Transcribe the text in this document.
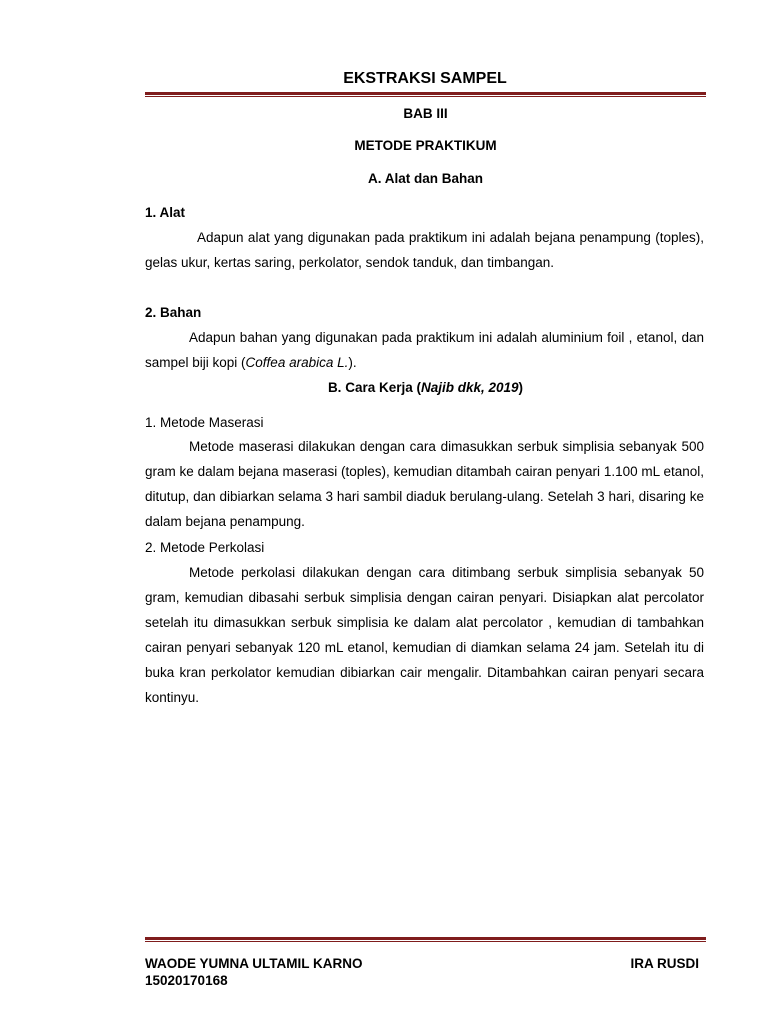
EKSTRAKSI SAMPEL
BAB III
METODE PRAKTIKUM
A. Alat dan Bahan
1. Alat
Adapun alat yang digunakan pada praktikum ini adalah bejana penampung (toples), gelas ukur, kertas saring, perkolator, sendok tanduk, dan timbangan.
2. Bahan
Adapun bahan yang digunakan pada praktikum ini adalah aluminium foil , etanol, dan sampel biji kopi (Coffea arabica L.).
B. Cara Kerja (Najib dkk, 2019)
1. Metode Maserasi
Metode maserasi dilakukan dengan cara dimasukkan serbuk simplisia sebanyak 500 gram ke dalam bejana maserasi (toples), kemudian ditambah cairan penyari 1.100 mL etanol, ditutup, dan dibiarkan selama 3 hari sambil diaduk berulang-ulang. Setelah 3 hari, disaring ke dalam bejana penampung.
2. Metode Perkolasi
Metode perkolasi dilakukan dengan cara ditimbang serbuk simplisia sebanyak 50 gram, kemudian dibasahi serbuk simplisia dengan cairan penyari. Disiapkan alat percolator setelah itu dimasukkan serbuk simplisia ke dalam alat percolator , kemudian di tambahkan cairan penyari sebanyak 120 mL etanol, kemudian di diamkan selama 24 jam. Setelah itu di buka kran perkolator kemudian dibiarkan cair mengalir. Ditambahkan cairan penyari secara kontinyu.
WAODE YUMNA ULTAMIL KARNO
15020170168
IRA RUSDI
